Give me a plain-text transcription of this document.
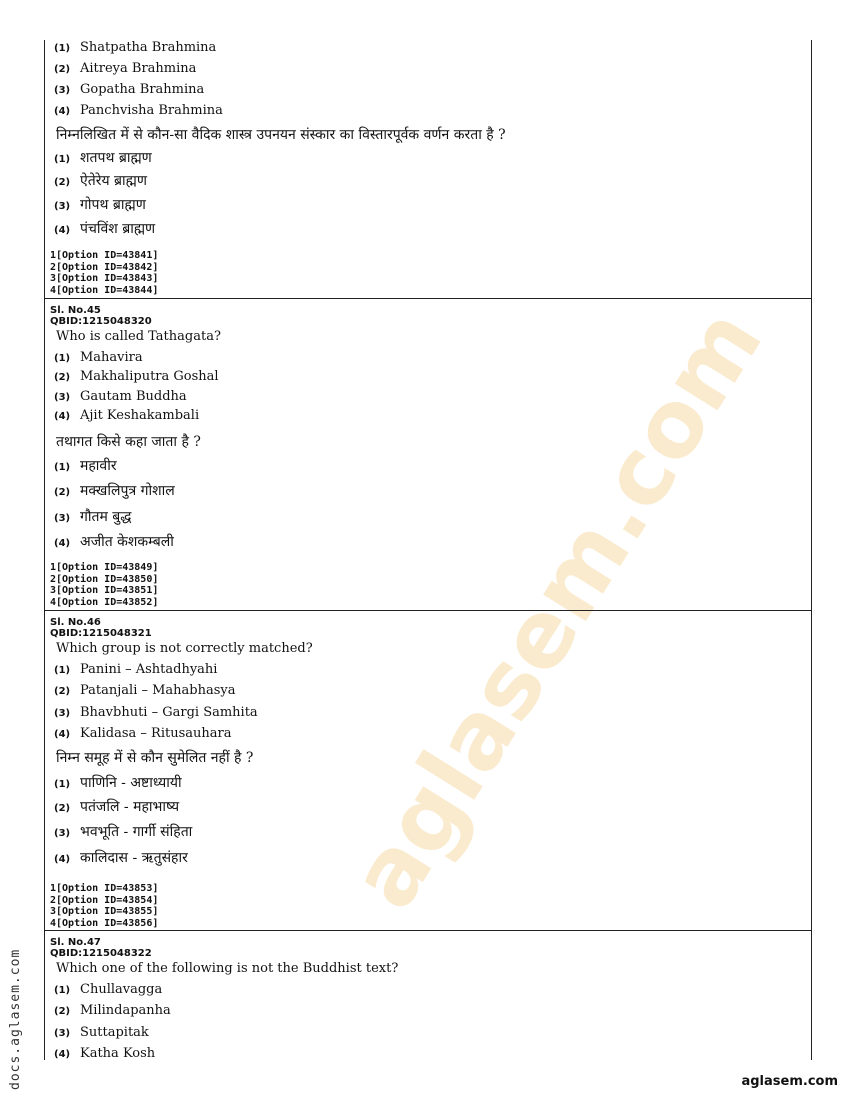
aglasem.com
docs.aglasem.com	aglasem.com
(1) Shatpatha Brahmina
(2) Aitreya Brahmina
(3) Gopatha Brahmina
(4) Panchvisha Brahmina
निम्नलिखित में से कौन-सा वैदिक शास्त्र उपनयन संस्कार का विस्तारपूर्वक वर्णन करता है ?
(1) शतपथ ब्राह्मण
(2) ऐतेरेय ब्राह्मण
(3) गोपथ ब्राह्मण
(4) पंचविंश ब्राह्मण
1[Option ID=43841]
2[Option ID=43842]
3[Option ID=43843]
4[Option ID=43844]
Sl. No.45
QBID:1215048320
Who is called Tathagata?
(1) Mahavira
(2) Makhaliputra Goshal
(3) Gautam Buddha
(4) Ajit Keshakambali
तथागत किसे कहा जाता है ?
(1) महावीर
(2) मक्खलिपुत्र गोशाल
(3) गौतम बुद्ध
(4) अजीत केशकम्बली
1[Option ID=43849]
2[Option ID=43850]
3[Option ID=43851]
4[Option ID=43852]
Sl. No.46
QBID:1215048321
Which group is not correctly matched?
(1) Panini – Ashtadhyahi
(2) Patanjali – Mahabhasya
(3) Bhavbhuti – Gargi Samhita
(4) Kalidasa – Ritusauhara
निम्न समूह में से कौन सुमेलित नहीं है ?
(1) पाणिनि - अष्टाध्यायी
(2) पतंजलि - महाभाष्य
(3) भवभूति - गार्गी संहिता
(4) कालिदास - ऋतुसंहार
1[Option ID=43853]
2[Option ID=43854]
3[Option ID=43855]
4[Option ID=43856]
Sl. No.47
QBID:1215048322
Which one of the following is not the Buddhist text?
(1) Chullavagga
(2) Milindapanha
(3) Suttapitak
(4) Katha Kosh
